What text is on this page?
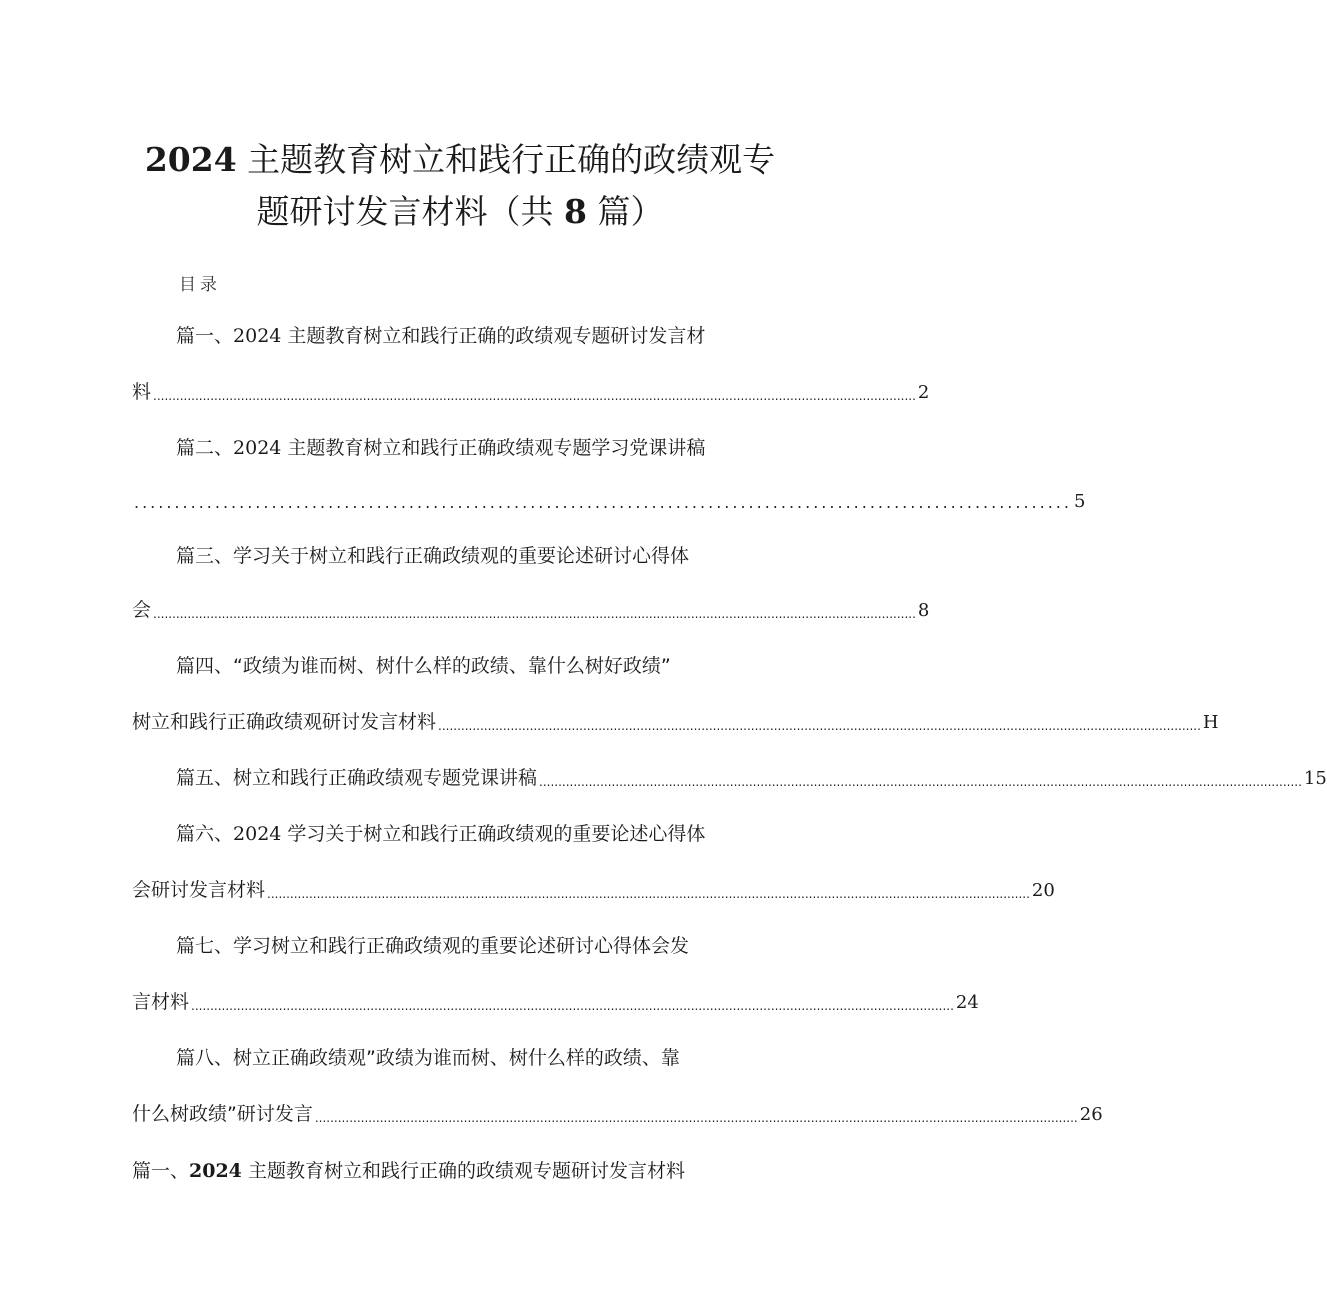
2024 主题教育树立和践行正确的政绩观专
题研讨发言材料（共 8 篇）
目录
篇一、2024 主题教育树立和践行正确的政绩观专题研讨发言材
料 ........................................................................................................................................................................................................ 2
篇二、2024 主题教育树立和践行正确政绩观专题学习党课讲稿
.................................................................................................................... 5
篇三、学习关于树立和践行正确政绩观的重要论述研讨心得体
会 ........................................................................................................................................................................................................ 8
篇四、“政绩为谁而树、树什么样的政绩、靠什么树好政绩”
树立和践行正确政绩观研讨发言材料 ........................................................................................................................................................................................................ H
篇五、树立和践行正确政绩观专题党课讲稿 ........................................................................................................................................................................................................ 15
篇六、2024 学习关于树立和践行正确政绩观的重要论述心得体
会研讨发言材料 ........................................................................................................................................................................................................ 20
篇七、学习树立和践行正确政绩观的重要论述研讨心得体会发
言材料 ........................................................................................................................................................................................................ 24
篇八、树立正确政绩观”政绩为谁而树、树什么样的政绩、靠
什么树政绩”研讨发言 ........................................................................................................................................................................................................ 26
篇一、2024 主题教育树立和践行正确的政绩观专题研讨发言材料
